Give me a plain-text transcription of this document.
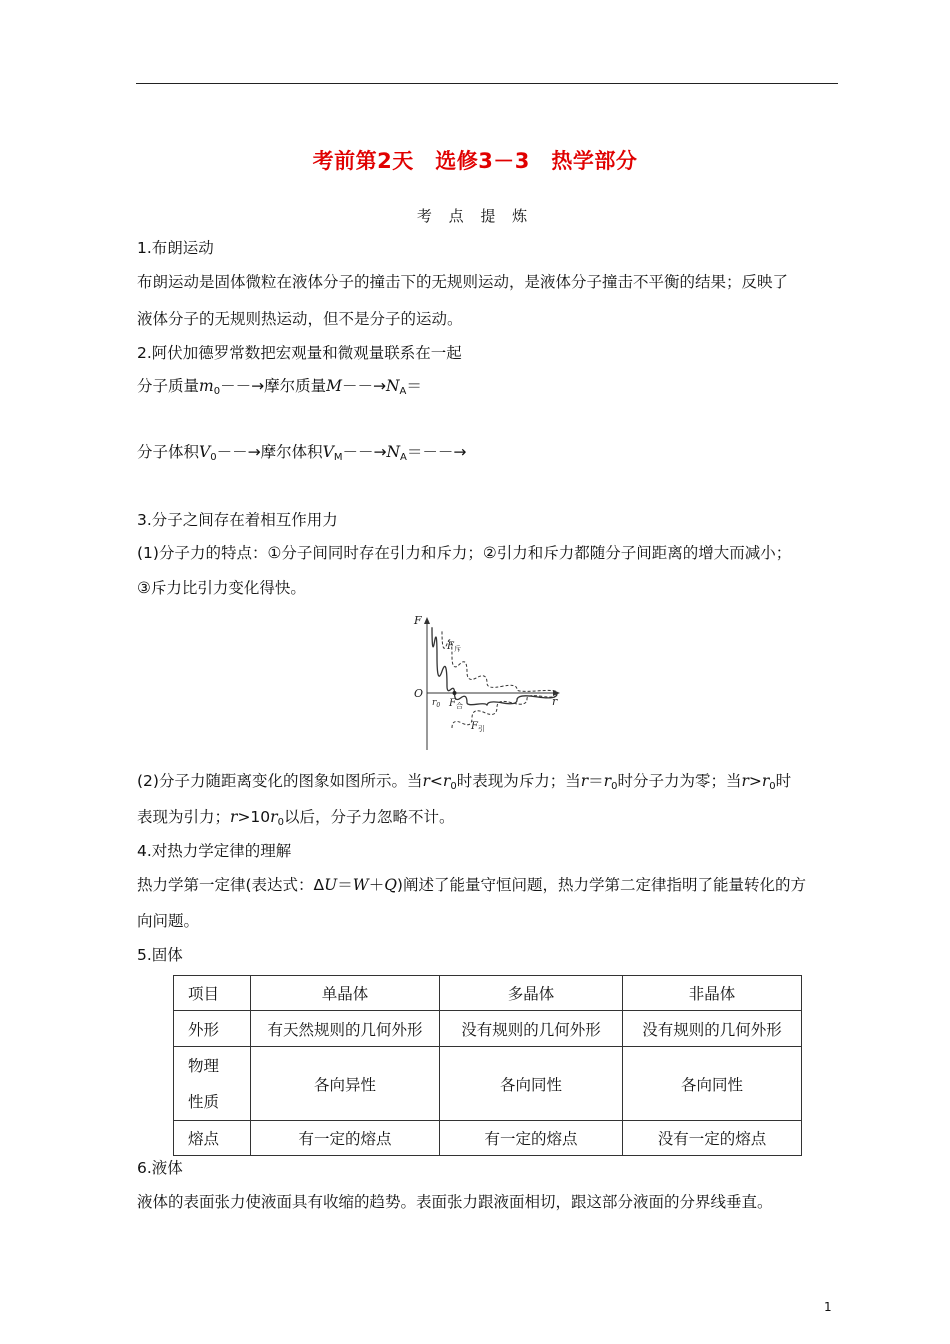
考前第2天　选修3－3　热学部分
考 点 提 炼
1.布朗运动
布朗运动是固体微粒在液体分子的撞击下的无规则运动，是液体分子撞击不平衡的结果；反映了
液体分子的无规则热运动，但不是分子的运动。
2.阿伏加德罗常数把宏观量和微观量联系在一起
分子质量$m_0--\to$摩尔质量$M--\to N_A=$
分子体积$V_0--\to$摩尔体积$V_M--\to N_A=--\to$
3.分子之间存在着相互作用力
(1)分子力的特点：①分子间同时存在引力和斥力；②引力和斥力都随分子间距离的增大而减小；
③斥力比引力变化得快。
F
r
O
$r_0$
$F_斥$
$F_合$
$F_引$
(2)分子力随距离变化的图象如图所示。当$r<r_0$时表现为斥力；当$r=r_0$时分子力为零；当$r>r_0$时
表现为引力；$r>10r_0$以后，分子力忽略不计。
4.对热力学定律的理解
热力学第一定律(表达式：ΔU＝W＋Q)阐述了能量守恒问题，热力学第二定律指明了能量转化的方
向问题。
5.固体
项目	单晶体	多晶体	非晶体
外形	有天然规则的几何外形	没有规则的几何外形	没有规则的几何外形

物理
性质	各向异性	各向同性	各向同性
熔点	有一定的熔点	有一定的熔点	没有一定的熔点
6.液体
液体的表面张力使液面具有收缩的趋势。表面张力跟液面相切，跟这部分液面的分界线垂直。
1
